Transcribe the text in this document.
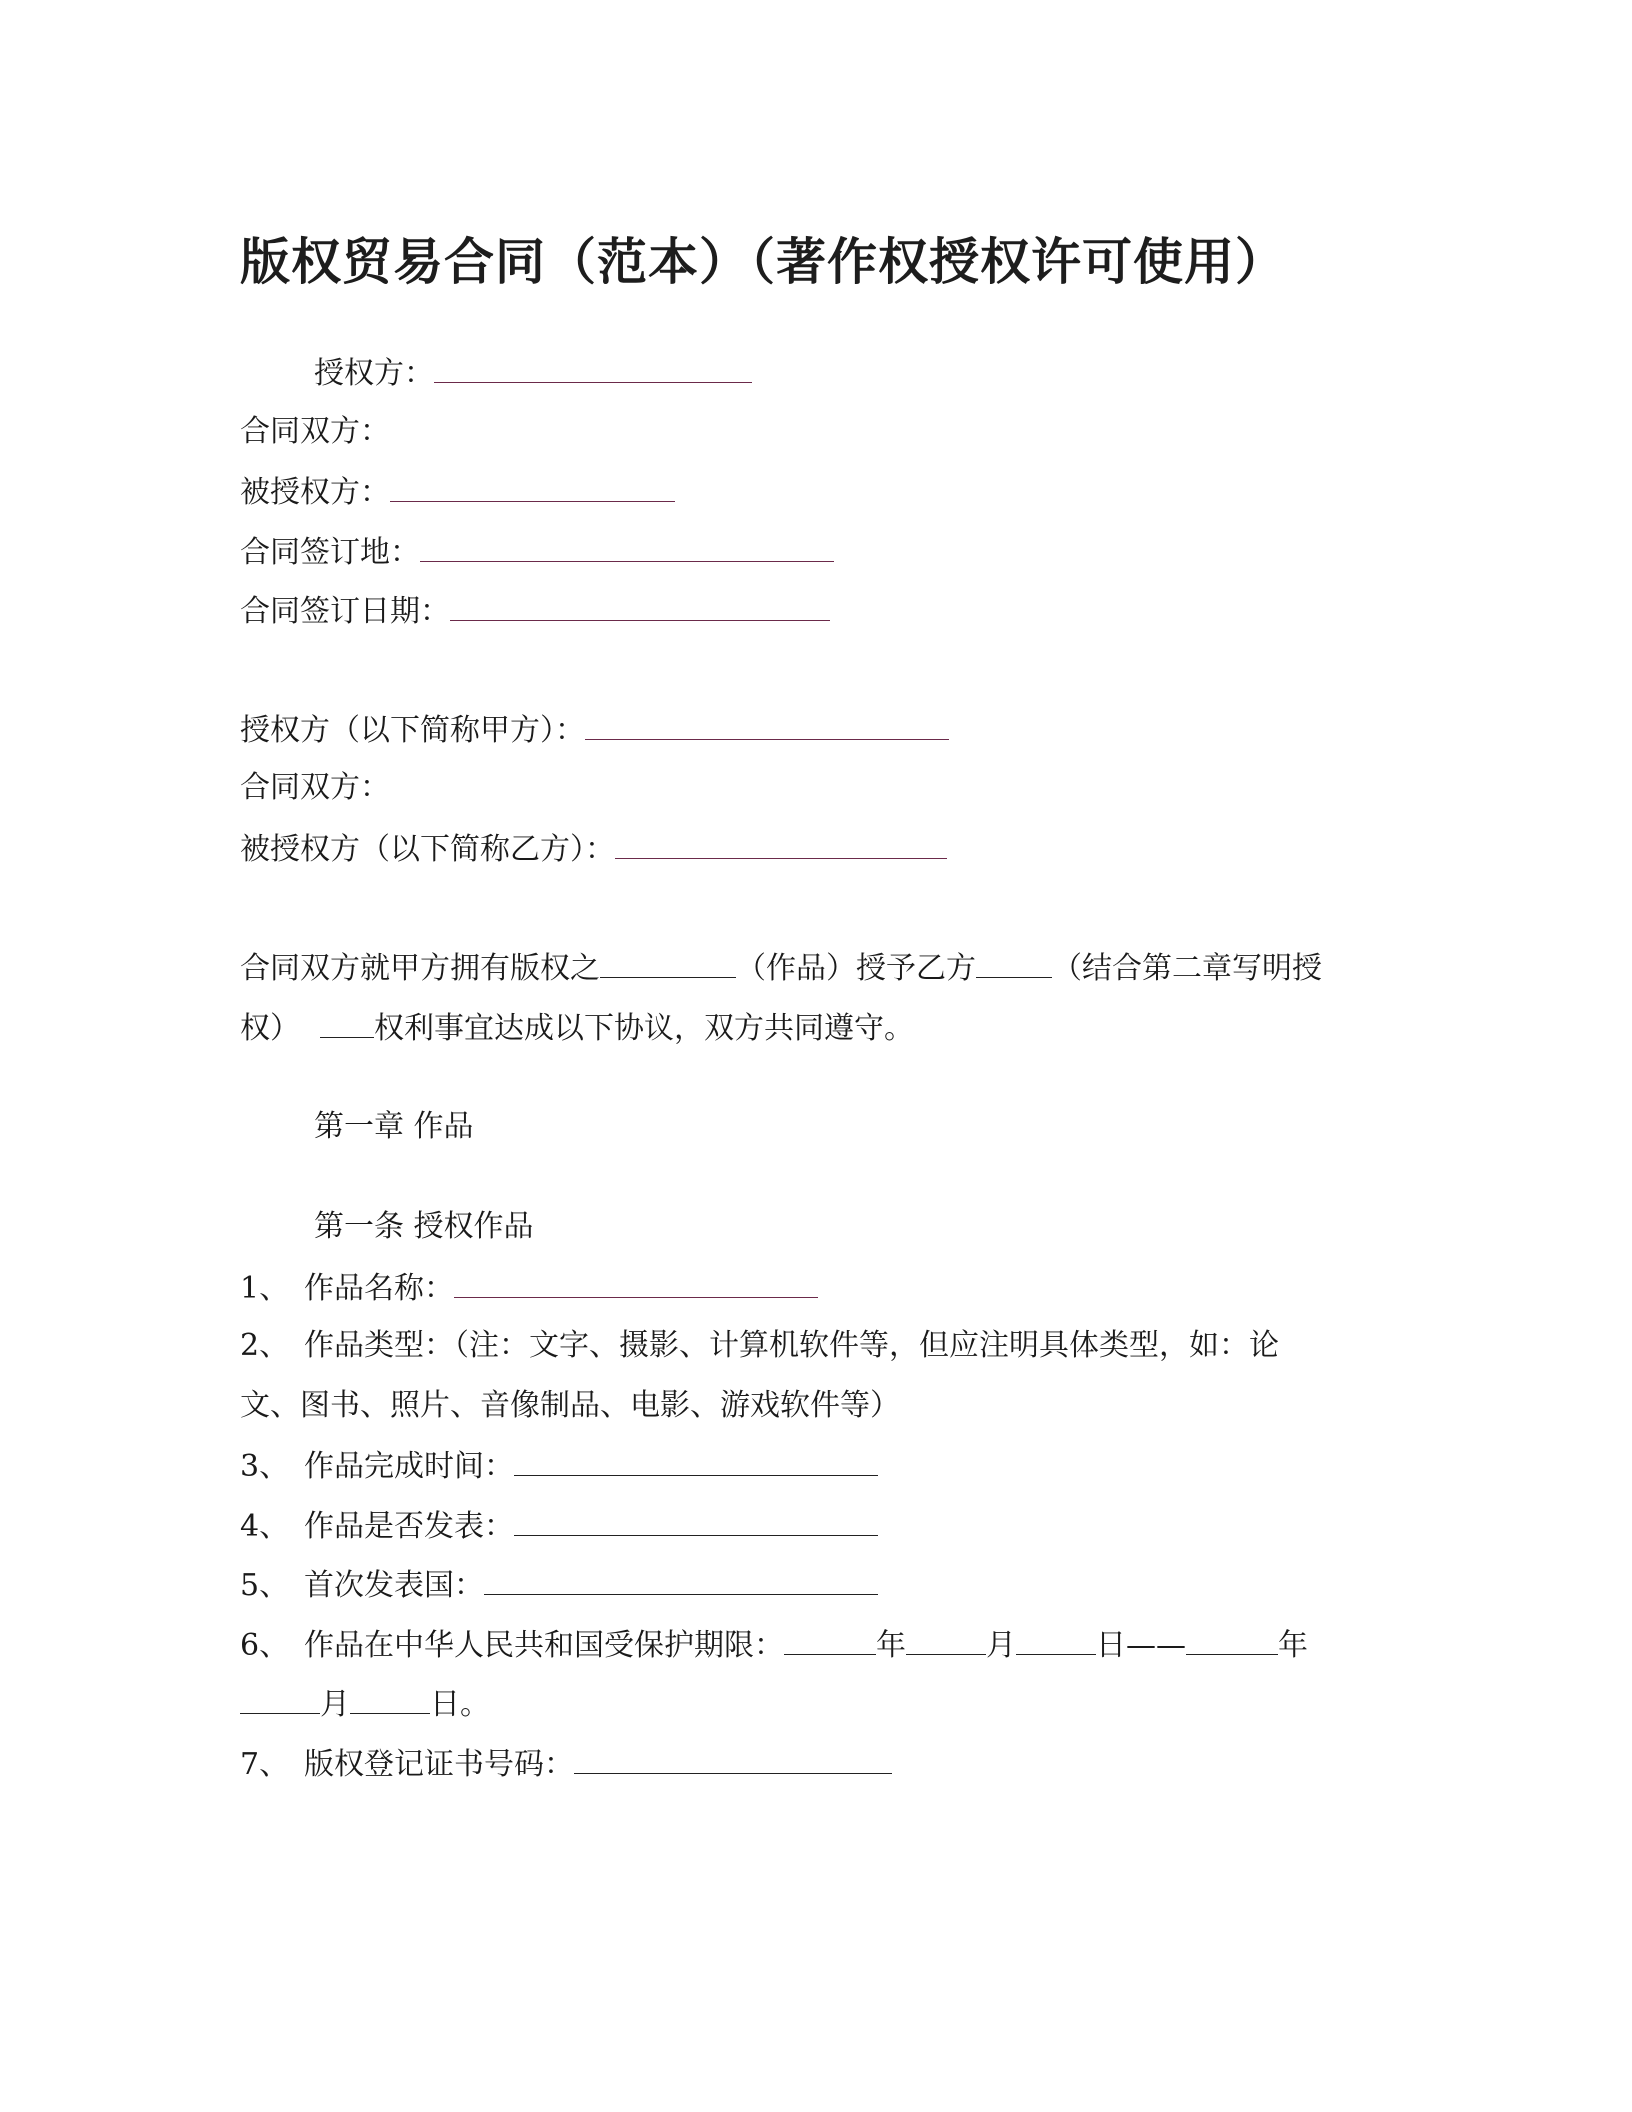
版权贸易合同（范本）（著作权授权许可使用）
授权方：
合同双方：
被授权方：
合同签订地：
合同签订日期：
授权方（以下简称甲方）：
合同双方：
被授权方（以下简称乙方）：
合同双方就甲方拥有版权之	（作品）授予乙方	（结合第二章写明授
权） 权利事宜达成以下协议，双方共同遵守。
第一章 作品
第一条 授权作品
1、 作品名称：
2、 作品类型：（注：文字、摄影、计算机软件等，但应注明具体类型，如：论
文、图书、照片、音像制品、电影、游戏软件等）
3、 作品完成时间：
4、 作品是否发表：
5、 首次发表国：
6、 作品在中华人民共和国受保护期限：	年	月	日——	年
月	日。
7、 版权登记证书号码：
